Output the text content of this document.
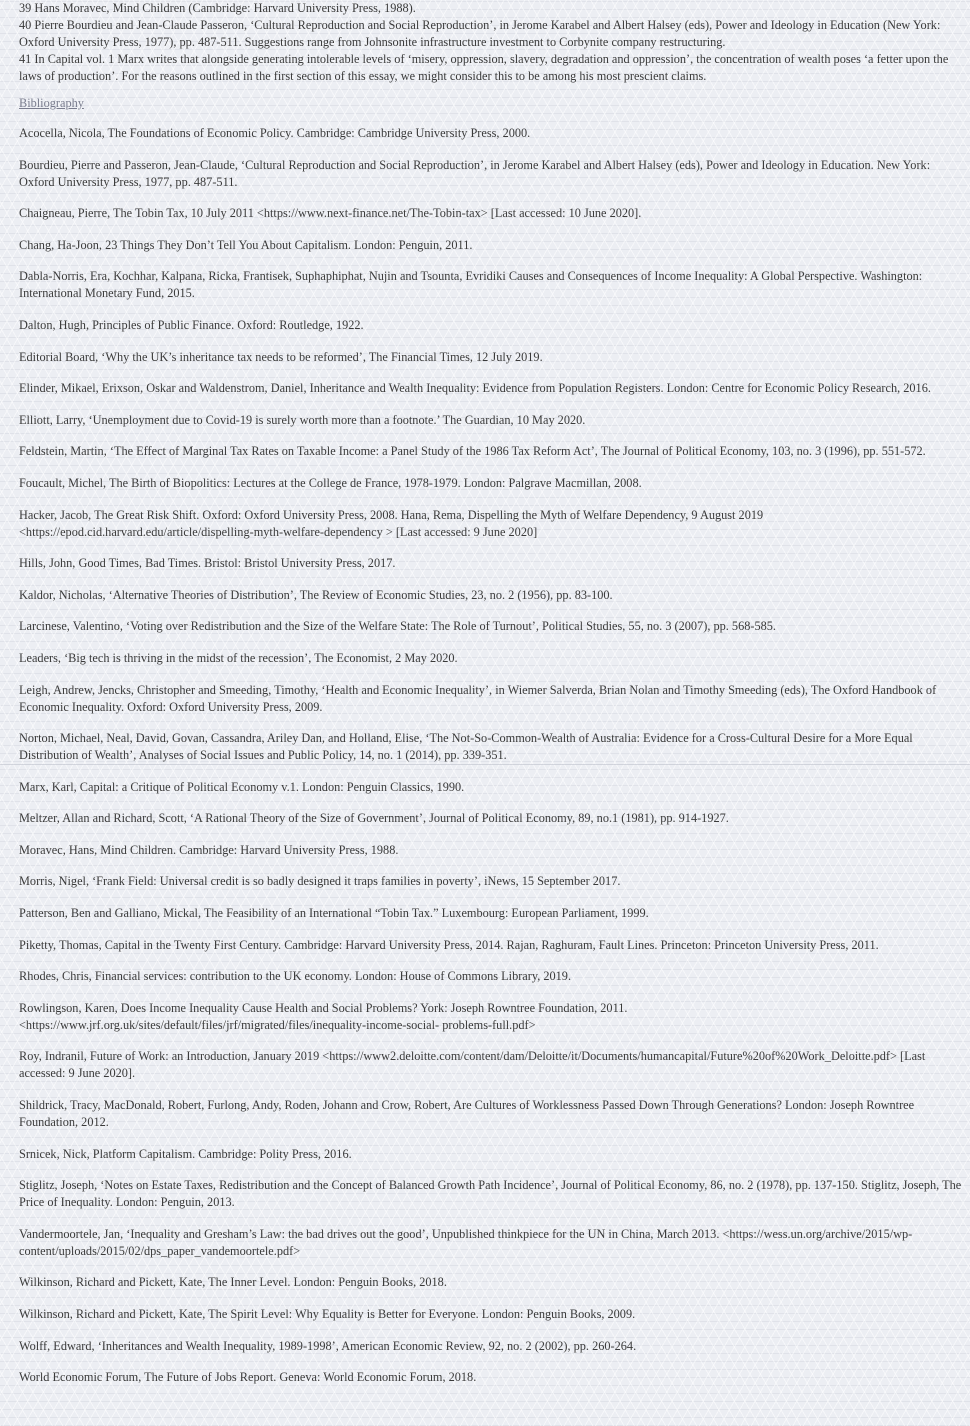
39 Hans Moravec, Mind Children (Cambridge: Harvard University Press, 1988).

40 Pierre Bourdieu and Jean-Claude Passeron, ‘Cultural Reproduction and Social Reproduction’, in Jerome Karabel and Albert Halsey (eds), Power and Ideology in Education (New York: Oxford University Press, 1977), pp. 487-511. Suggestions range from Johnsonite infrastructure investment to Corbynite company restructuring.

41 In Capital vol. 1 Marx writes that alongside generating intolerable levels of ‘misery, oppression, slavery, degradation and oppression’, the concentration of wealth poses ‘a fetter upon the laws of production’. For the reasons outlined in the first section of this essay, we might consider this to be among his most prescient claims.

Bibliography
Acocella, Nicola, The Foundations of Economic Policy. Cambridge: Cambridge University Press, 2000.
Bourdieu, Pierre and Passeron, Jean-Claude, ‘Cultural Reproduction and Social Reproduction’, in Jerome Karabel and Albert Halsey (eds), Power and Ideology in Education. New York: Oxford University Press, 1977, pp. 487-511.
Chaigneau, Pierre, The Tobin Tax, 10 July 2011 <https://www.next-finance.net/The-Tobin-tax> [Last accessed: 10 June 2020].
Chang, Ha-Joon, 23 Things They Don’t Tell You About Capitalism. London: Penguin, 2011.
Dabla-Norris, Era, Kochhar, Kalpana, Ricka, Frantisek, Suphaphiphat, Nujin and Tsounta, Evridiki Causes and Consequences of Income Inequality: A Global Perspective. Washington: International Monetary Fund, 2015.
Dalton, Hugh, Principles of Public Finance. Oxford: Routledge, 1922.
Editorial Board, ‘Why the UK’s inheritance tax needs to be reformed’, The Financial Times, 12 July 2019.
Elinder, Mikael, Erixson, Oskar and Waldenstrom, Daniel, Inheritance and Wealth Inequality: Evidence from Population Registers. London: Centre for Economic Policy Research, 2016.
Elliott, Larry, ‘Unemployment due to Covid-19 is surely worth more than a footnote.’ The Guardian, 10 May 2020.
Feldstein, Martin, ‘The Effect of Marginal Tax Rates on Taxable Income: a Panel Study of the 1986 Tax Reform Act’, The Journal of Political Economy, 103, no. 3 (1996), pp. 551-572.
Foucault, Michel, The Birth of Biopolitics: Lectures at the College de France, 1978-1979. London: Palgrave Macmillan, 2008.
Hacker, Jacob, The Great Risk Shift. Oxford: Oxford University Press, 2008. Hana, Rema, Dispelling the Myth of Welfare Dependency, 9 August 2019 <https://epod.cid.harvard.edu/article/dispelling-myth-welfare-dependency > [Last accessed: 9 June 2020]
Hills, John, Good Times, Bad Times. Bristol: Bristol University Press, 2017.
Kaldor, Nicholas, ‘Alternative Theories of Distribution’, The Review of Economic Studies, 23, no. 2 (1956), pp. 83-100.
Larcinese, Valentino, ‘Voting over Redistribution and the Size of the Welfare State: The Role of Turnout’, Political Studies, 55, no. 3 (2007), pp. 568-585.
Leaders, ‘Big tech is thriving in the midst of the recession’, The Economist, 2 May 2020.
Leigh, Andrew, Jencks, Christopher and Smeeding, Timothy, ‘Health and Economic Inequality’, in Wiemer Salverda, Brian Nolan and Timothy Smeeding (eds), The Oxford Handbook of Economic Inequality. Oxford: Oxford University Press, 2009.
Norton, Michael, Neal, David, Govan, Cassandra, Ariley Dan, and Holland, Elise, ‘The Not-So-Common-Wealth of Australia: Evidence for a Cross-Cultural Desire for a More Equal Distribution of Wealth’, Analyses of Social Issues and Public Policy, 14, no. 1 (2014), pp. 339-351.
Marx, Karl, Capital: a Critique of Political Economy v.1. London: Penguin Classics, 1990.
Meltzer, Allan and Richard, Scott, ‘A Rational Theory of the Size of Government’, Journal of Political Economy, 89, no.1 (1981), pp. 914-1927.
Moravec, Hans, Mind Children. Cambridge: Harvard University Press, 1988.
Morris, Nigel, ‘Frank Field: Universal credit is so badly designed it traps families in poverty’, iNews, 15 September 2017.
Patterson, Ben and Galliano, Mickal, The Feasibility of an International “Tobin Tax.” Luxembourg: European Parliament, 1999.
Piketty, Thomas, Capital in the Twenty First Century. Cambridge: Harvard University Press, 2014. Rajan, Raghuram, Fault Lines. Princeton: Princeton University Press, 2011.
Rhodes, Chris, Financial services: contribution to the UK economy. London: House of Commons Library, 2019.
Rowlingson, Karen, Does Income Inequality Cause Health and Social Problems? York: Joseph Rowntree Foundation, 2011. <https://www.jrf.org.uk/sites/default/files/jrf/migrated/files/inequality-income-social- problems-full.pdf>
Roy, Indranil, Future of Work: an Introduction, January 2019 <https://www2.deloitte.com/content/dam/Deloitte/it/Documents/humancapital/Future%20of%20Work_Deloitte.pdf> [Last accessed: 9 June 2020].
Shildrick, Tracy, MacDonald, Robert, Furlong, Andy, Roden, Johann and Crow, Robert, Are Cultures of Worklessness Passed Down Through Generations? London: Joseph Rowntree Foundation, 2012.
Srnicek, Nick, Platform Capitalism. Cambridge: Polity Press, 2016.
Stiglitz, Joseph, ‘Notes on Estate Taxes, Redistribution and the Concept of Balanced Growth Path Incidence’, Journal of Political Economy, 86, no. 2 (1978), pp. 137-150. Stiglitz, Joseph, The Price of Inequality. London: Penguin, 2013.
Vandermoortele, Jan, ‘Inequality and Gresham’s Law: the bad drives out the good’, Unpublished thinkpiece for the UN in China, March 2013. <https://wess.un.org/archive/2015/wp- content/uploads/2015/02/dps_paper_vandemoortele.pdf>
Wilkinson, Richard and Pickett, Kate, The Inner Level. London: Penguin Books, 2018.
Wilkinson, Richard and Pickett, Kate, The Spirit Level: Why Equality is Better for Everyone. London: Penguin Books, 2009.
Wolff, Edward, ‘Inheritances and Wealth Inequality, 1989-1998’, American Economic Review, 92, no. 2 (2002), pp. 260-264.
World Economic Forum, The Future of Jobs Report. Geneva: World Economic Forum, 2018.
